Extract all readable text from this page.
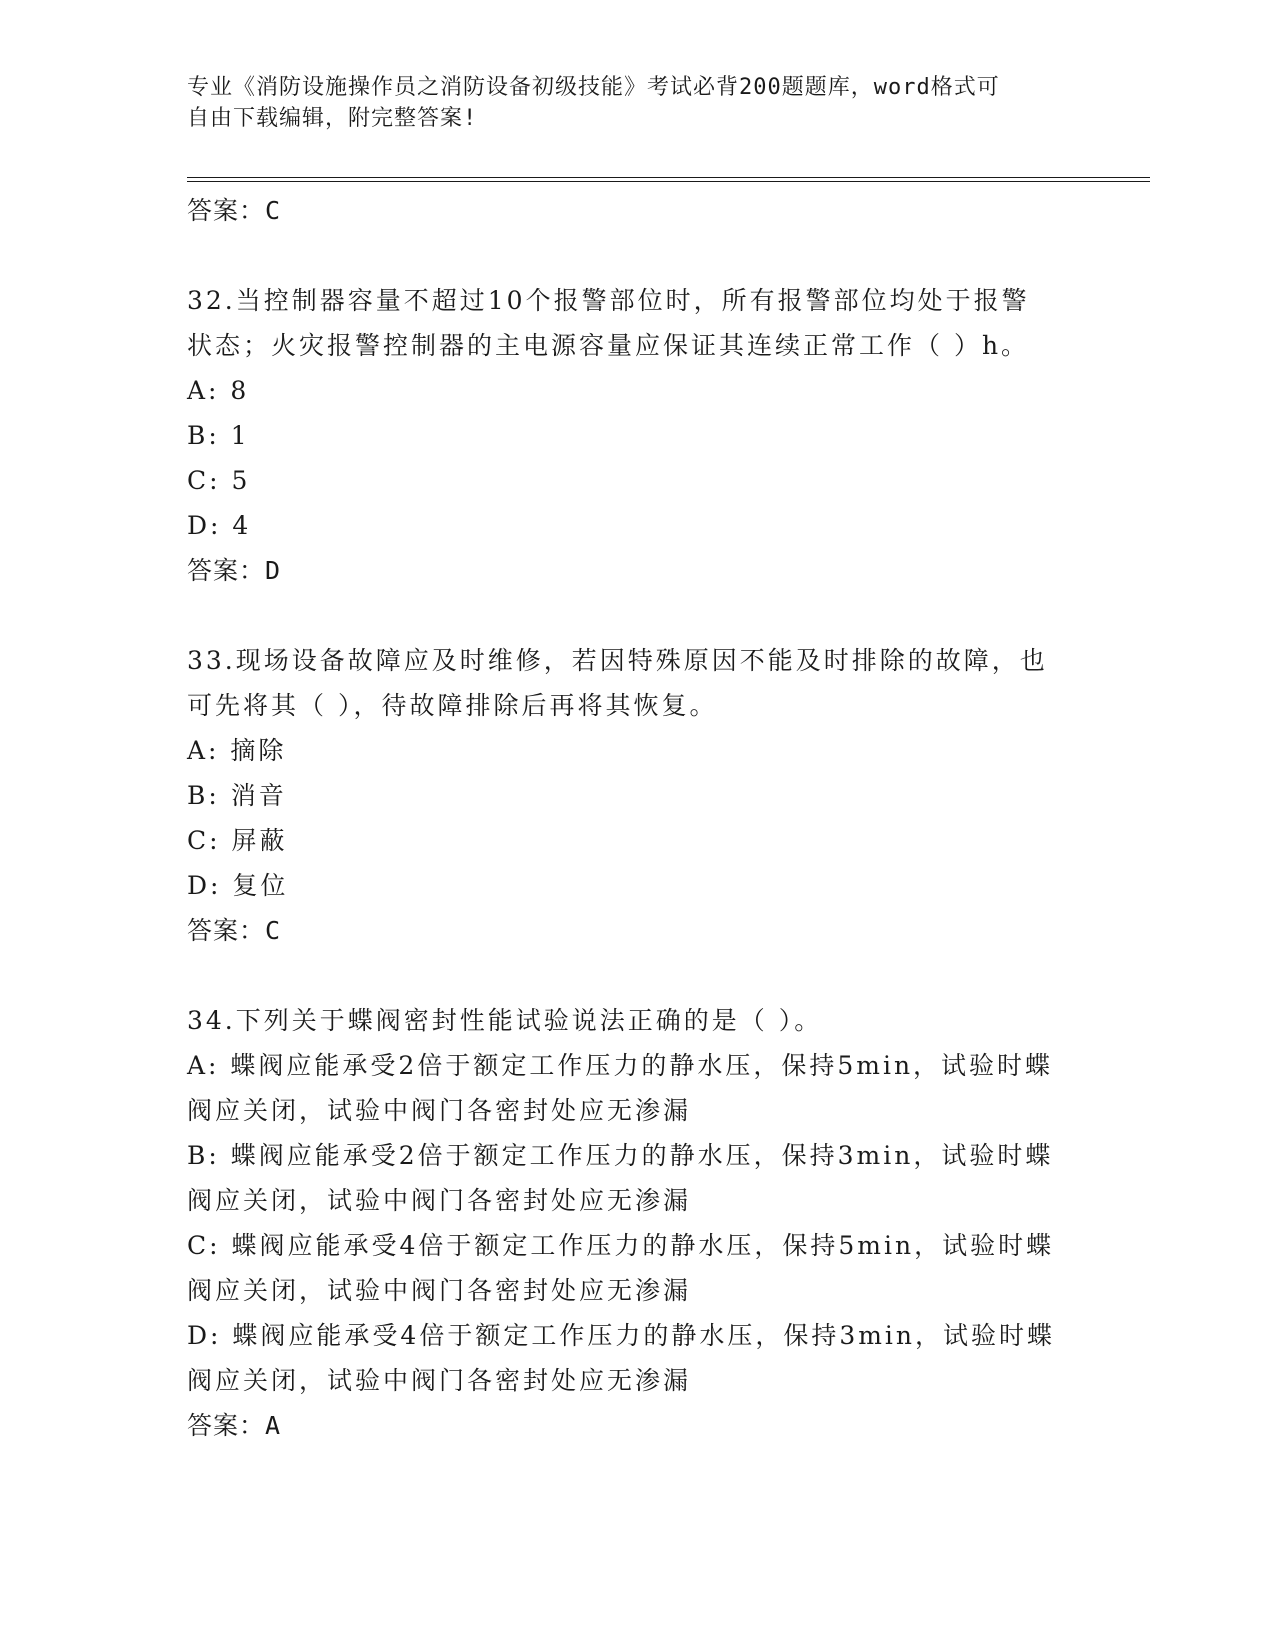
专业《消防设施操作员之消防设备初级技能》考试必背200题题库，word格式可
自由下载编辑，附完整答案!
答案：C
32.当控制器容量不超过10个报警部位时，所有报警部位均处于报警
状态；火灾报警控制器的主电源容量应保证其连续正常工作（ ）h。
A: 8
B: 1
C: 5
D: 4
答案：D
33.现场设备故障应及时维修，若因特殊原因不能及时排除的故障，也
可先将其（ ），待故障排除后再将其恢复。
A: 摘除
B: 消音
C: 屏蔽
D: 复位
答案：C
34.下列关于蝶阀密封性能试验说法正确的是（ ）。
A: 蝶阀应能承受2倍于额定工作压力的静水压，保持5min，试验时蝶
阀应关闭，试验中阀门各密封处应无渗漏
B: 蝶阀应能承受2倍于额定工作压力的静水压，保持3min，试验时蝶
阀应关闭，试验中阀门各密封处应无渗漏
C: 蝶阀应能承受4倍于额定工作压力的静水压，保持5min，试验时蝶
阀应关闭，试验中阀门各密封处应无渗漏
D: 蝶阀应能承受4倍于额定工作压力的静水压，保持3min，试验时蝶
阀应关闭，试验中阀门各密封处应无渗漏
答案：A
